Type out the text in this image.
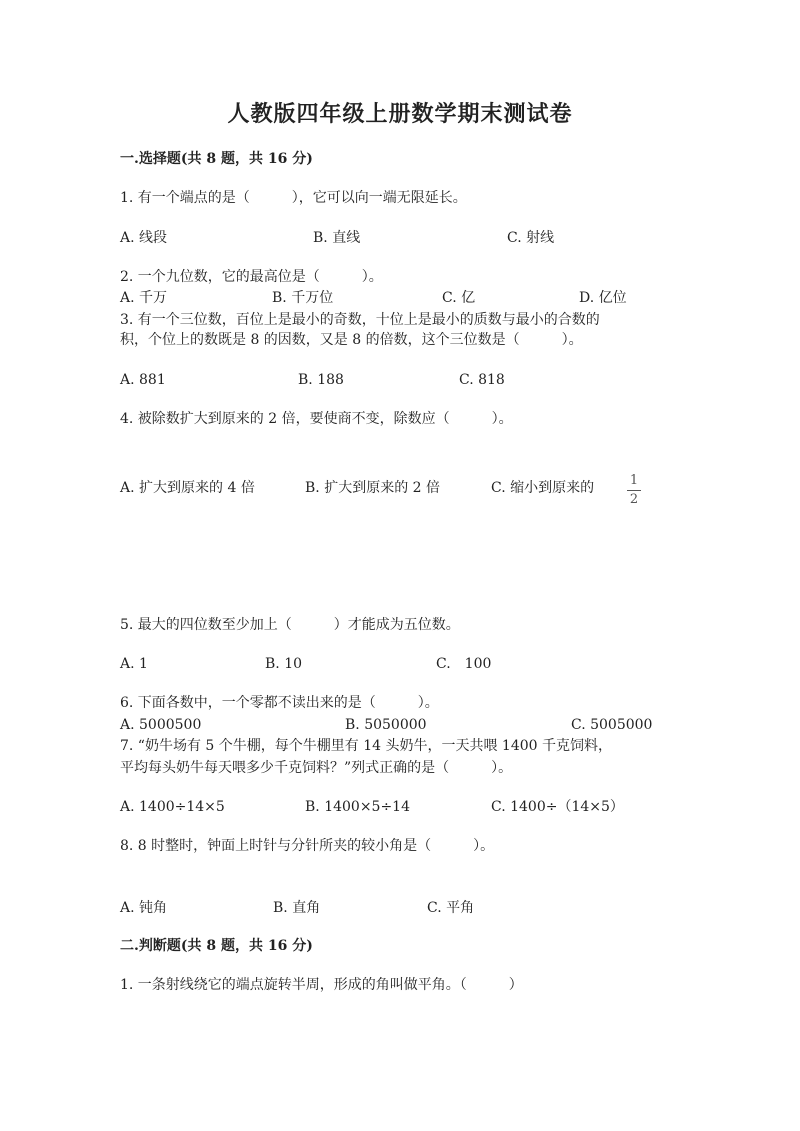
人教版四年级上册数学期末测试卷
一.选择题(共 8 题，共 16 分)
1. 有一个端点的是（　　　），它可以向一端无限延长。
A. 线段	B. 直线	C. 射线
2. 一个九位数，它的最高位是（　　　）。
A. 千万	B. 千万位	C. 亿	D. 亿位
3. 有一个三位数，百位上是最小的奇数，十位上是最小的质数与最小的合数的
积，个位上的数既是 8 的因数，又是 8 的倍数，这个三位数是（　　　）。
A. 881	B. 188	C. 818
4. 被除数扩大到原来的 2 倍，要使商不变，除数应（　　　）。
A. 扩大到原来的 4 倍	B. 扩大到原来的 2 倍	C. 缩小到原来的	1
2
5. 最大的四位数至少加上（　　　）才能成为五位数。
A. 1	B. 10	C.　100
6. 下面各数中，一个零都不读出来的是（　　　）。
A. 5000500	B. 5050000	C. 5005000
7. “奶牛场有 5 个牛棚，每个牛棚里有 14 头奶牛，一天共喂 1400 千克饲料，
平均每头奶牛每天喂多少千克饲料？”列式正确的是（　　　）。
A. 1400÷14×5	B. 1400×5÷14	C. 1400÷（14×5）
8. 8 时整时，钟面上时针与分针所夹的较小角是（　　　）。
A. 钝角	B. 直角	C. 平角
二.判断题(共 8 题，共 16 分)
1. 一条射线绕它的端点旋转半周，形成的角叫做平角。（　　　）
